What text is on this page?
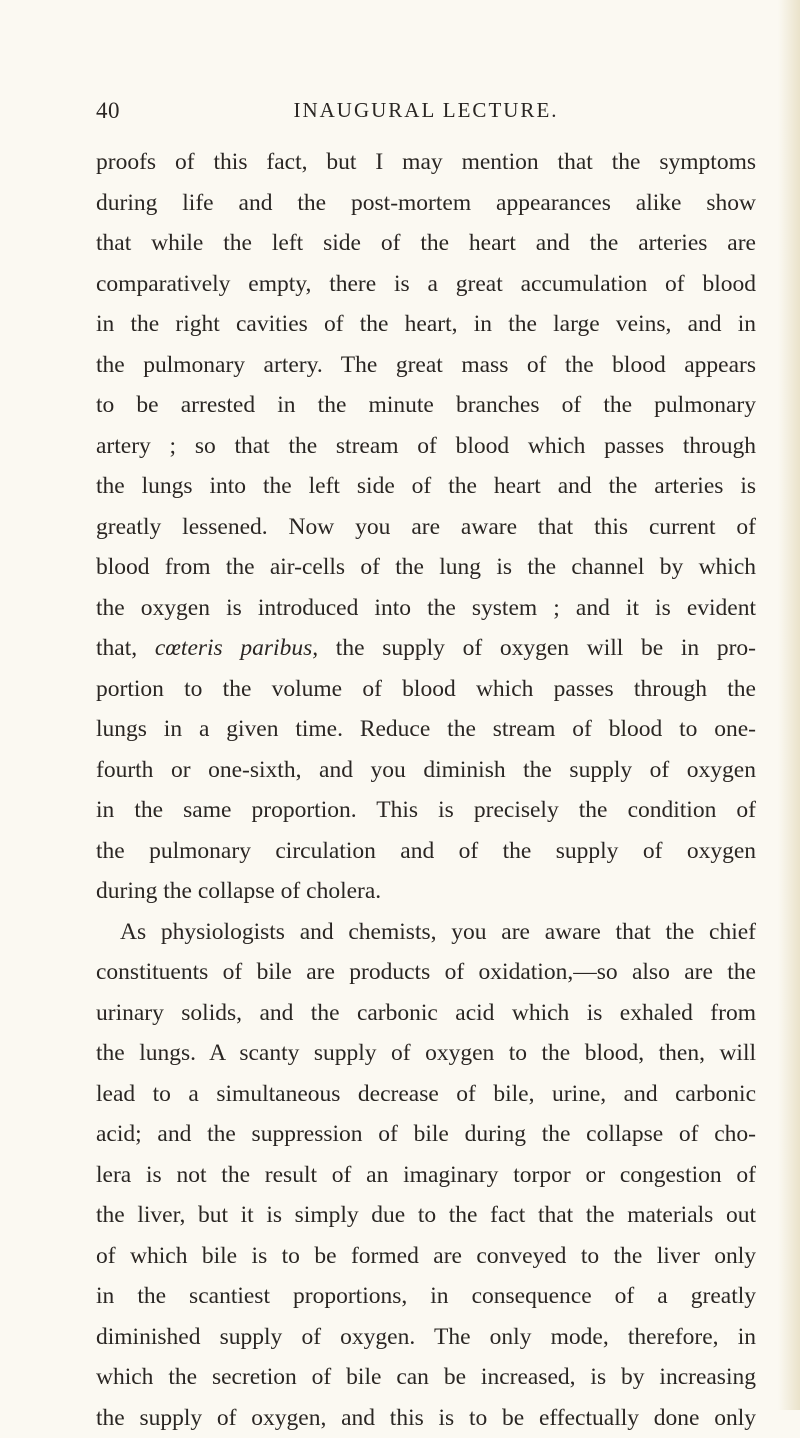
40	INAUGURAL LECTURE.
proofs of this fact, but I may mention that the symptoms
during life and the post-mortem appearances alike show
that while the left side of the heart and the arteries are
comparatively empty, there is a great accumulation of blood
in the right cavities of the heart, in the large veins, and in
the pulmonary artery. The great mass of the blood appears
to be arrested in the minute branches of the pulmonary
artery ; so that the stream of blood which passes through
the lungs into the left side of the heart and the arteries is
greatly lessened. Now you are aware that this current of
blood from the air-cells of the lung is the channel by which
the oxygen is introduced into the system ; and it is evident
that, cœteris paribus, the supply of oxygen will be in pro-
portion to the volume of blood which passes through the
lungs in a given time. Reduce the stream of blood to one-
fourth or one-sixth, and you diminish the supply of oxygen
in the same proportion. This is precisely the condition of
the pulmonary circulation and of the supply of oxygen
during the collapse of cholera.
As physiologists and chemists, you are aware that the chief
constituents of bile are products of oxidation,—so also are the
urinary solids, and the carbonic acid which is exhaled from
the lungs. A scanty supply of oxygen to the blood, then, will
lead to a simultaneous decrease of bile, urine, and carbonic
acid; and the suppression of bile during the collapse of cho-
lera is not the result of an imaginary torpor or congestion of
the liver, but it is simply due to the fact that the materials out
of which bile is to be formed are conveyed to the liver only
in the scantiest proportions, in consequence of a greatly
diminished supply of oxygen. The only mode, therefore, in
which the secretion of bile can be increased, is by increasing
the supply of oxygen, and this is to be effectually done only
